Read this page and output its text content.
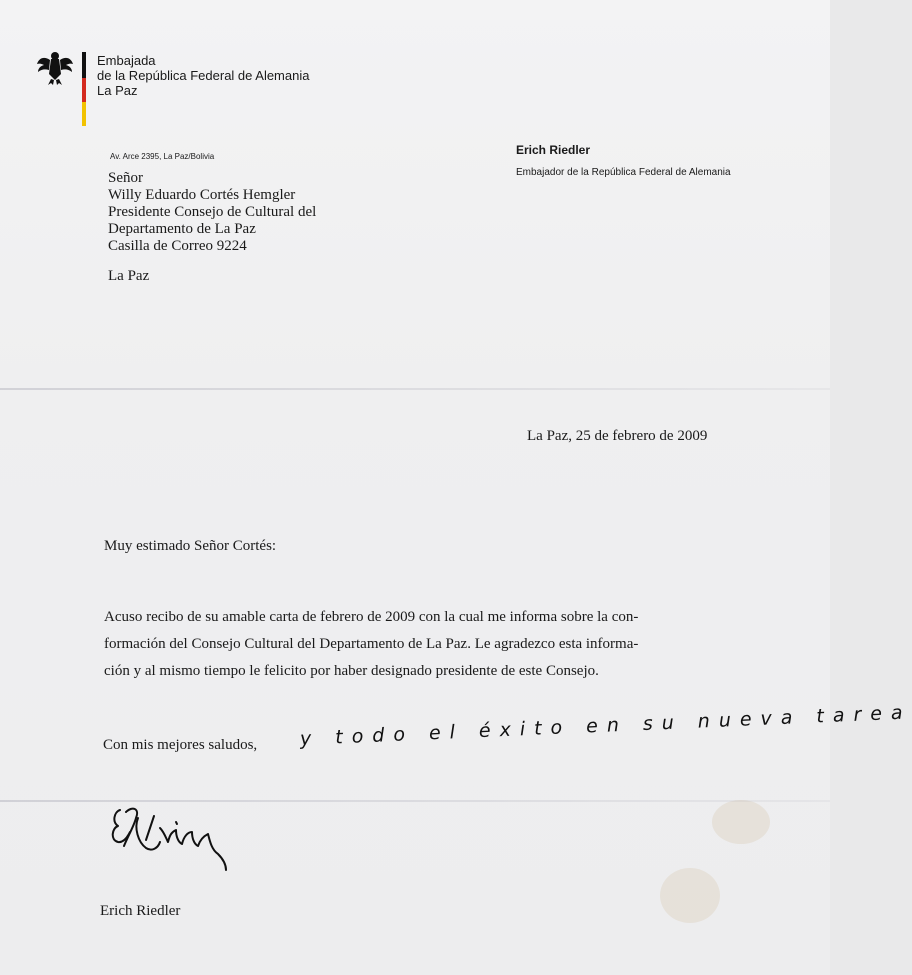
Embajada
de la República Federal de Alemania
La Paz
Av. Arce 2395, La Paz/Bolivia	Erich Riedler
Embajador de la República Federal de Alemania
Señor
Willy Eduardo Cortés Hemgler
Presidente Consejo de Cultural del
Departamento de La Paz
Casilla de Correo 9224
La Paz
La Paz, 25 de febrero de 2009
Muy estimado Señor Cortés:
Acuso recibo de su amable carta de febrero de 2009 con la cual me informa sobre la con-
formación del Consejo Cultural del Departamento de La Paz. Le agradezco esta informa-
ción y al mismo tiempo le felicito por haber designado presidente de este Consejo.
Con mis mejores saludos, y todo el éxito en su nueva tarea
Erich Riedler
